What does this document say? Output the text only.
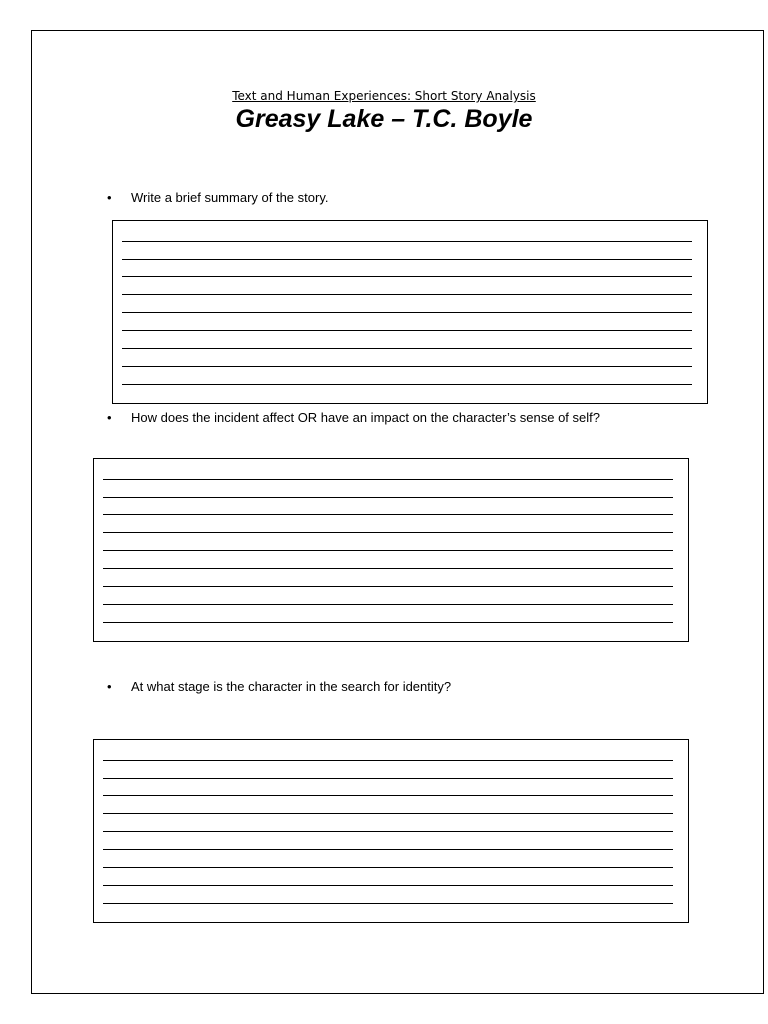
Text and Human Experiences: Short Story Analysis
Greasy Lake – T.C. Boyle
• Write a brief summary of the story.
• How does the incident affect OR have an impact on the character’s sense of self?
• At what stage is the character in the search for identity?
